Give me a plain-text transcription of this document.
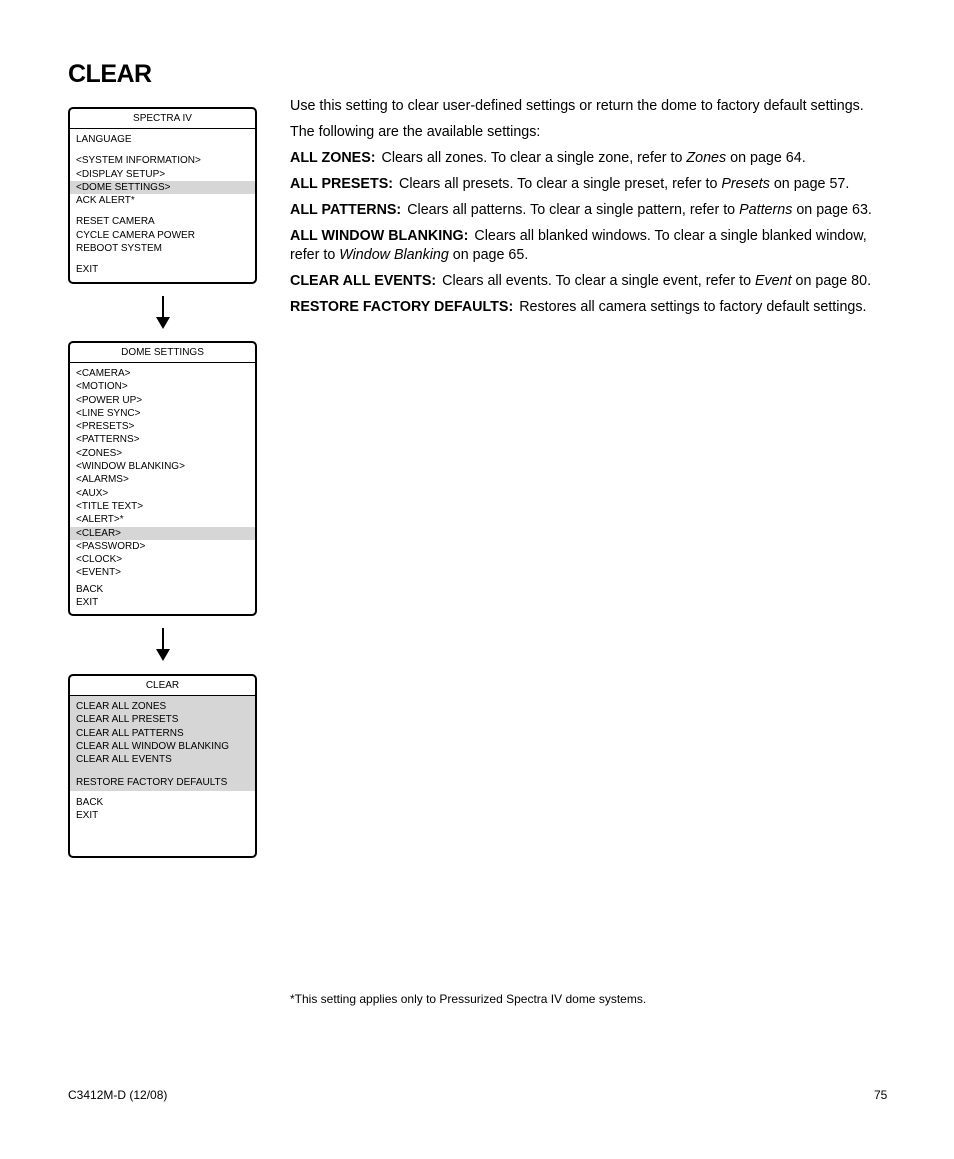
CLEAR
SPECTRA IV
LANGUAGE
<SYSTEM INFORMATION>
<DISPLAY SETUP>
<DOME SETTINGS>
ACK ALERT*
RESET CAMERA
CYCLE CAMERA POWER
REBOOT SYSTEM
EXIT
DOME SETTINGS
<CAMERA>
<MOTION>
<POWER UP>
<LINE SYNC>
<PRESETS>
<PATTERNS>
<ZONES>
<WINDOW BLANKING>
<ALARMS>
<AUX>
<TITLE TEXT>
<ALERT>*
<CLEAR>
<PASSWORD>
<CLOCK>
<EVENT>
BACK
EXIT
CLEAR
CLEAR ALL ZONES
CLEAR ALL PRESETS
CLEAR ALL PATTERNS
CLEAR ALL WINDOW BLANKING
CLEAR ALL EVENTS
RESTORE FACTORY DEFAULTS
BACK
EXIT

Use this setting to clear user-defined settings or return the dome to factory default settings.

The following are the available settings:

ALL ZONES: Clears all zones. To clear a single zone, refer to Zones on page 64.

ALL PRESETS: Clears all presets. To clear a single preset, refer to Presets on page 57.

ALL PATTERNS: Clears all patterns. To clear a single pattern, refer to Patterns on page 63.

ALL WINDOW BLANKING: Clears all blanked windows. To clear a single blanked window, refer to Window Blanking on page 65.

CLEAR ALL EVENTS: Clears all events. To clear a single event, refer to Event on page 80.

RESTORE FACTORY DEFAULTS: Restores all camera settings to factory default settings.

*This setting applies only to Pressurized Spectra IV dome systems.
C3412M-D (12/08)	75
